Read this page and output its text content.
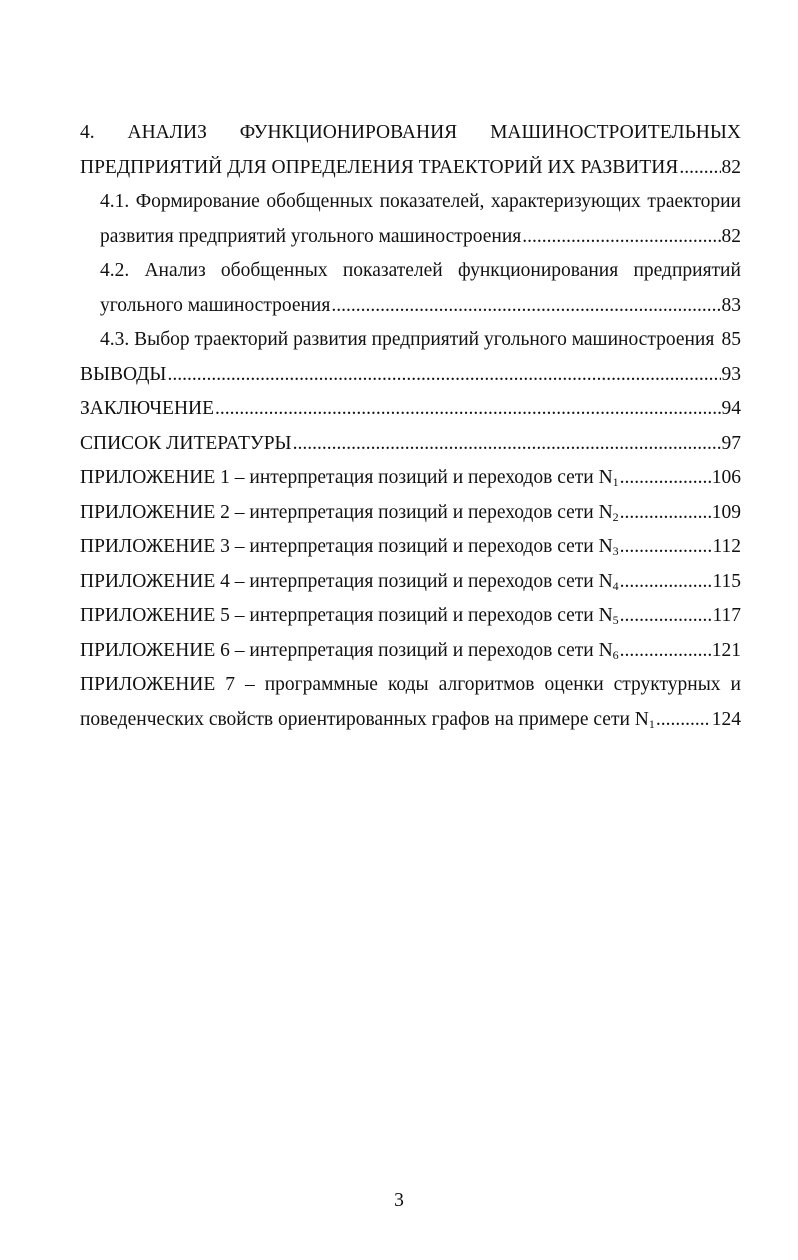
4. АНАЛИЗ ФУНКЦИОНИРОВАНИЯ МАШИНОСТРОИТЕЛЬНЫХ
ПРЕДПРИЯТИЙ ДЛЯ ОПРЕДЕЛЕНИЯ ТРАЕКТОРИЙ ИХ РАЗВИТИЯ ..... 82
4.1. Формирование обобщенных показателей, характеризующих траектории
развития предприятий угольного машиностроения .....	82
4.2. Анализ обобщенных показателей функционирования предприятий
угольного машиностроения .....	83
4.3. Выбор траекторий развития предприятий угольного машиностроения 85
ВЫВОДЫ .....	93
ЗАКЛЮЧЕНИЕ .....	94
СПИСОК ЛИТЕРАТУРЫ .....	97
ПРИЛОЖЕНИЕ 1 – интерпретация позиций и переходов сети $N_1$ .....	106
ПРИЛОЖЕНИЕ 2 – интерпретация позиций и переходов сети $N_2$ .....	109
ПРИЛОЖЕНИЕ 3 – интерпретация позиций и переходов сети $N_3$ .....	112
ПРИЛОЖЕНИЕ 4 – интерпретация позиций и переходов сети $N_4$ .....	115
ПРИЛОЖЕНИЕ 5 – интерпретация позиций и переходов сети $N_5$ .....	117
ПРИЛОЖЕНИЕ 6 – интерпретация позиций и переходов сети $N_6$ .....	121
ПРИЛОЖЕНИЕ 7 – программные коды алгоритмов оценки структурных и
поведенческих свойств ориентированных графов на примере сети $N_1$ .....	124
3
